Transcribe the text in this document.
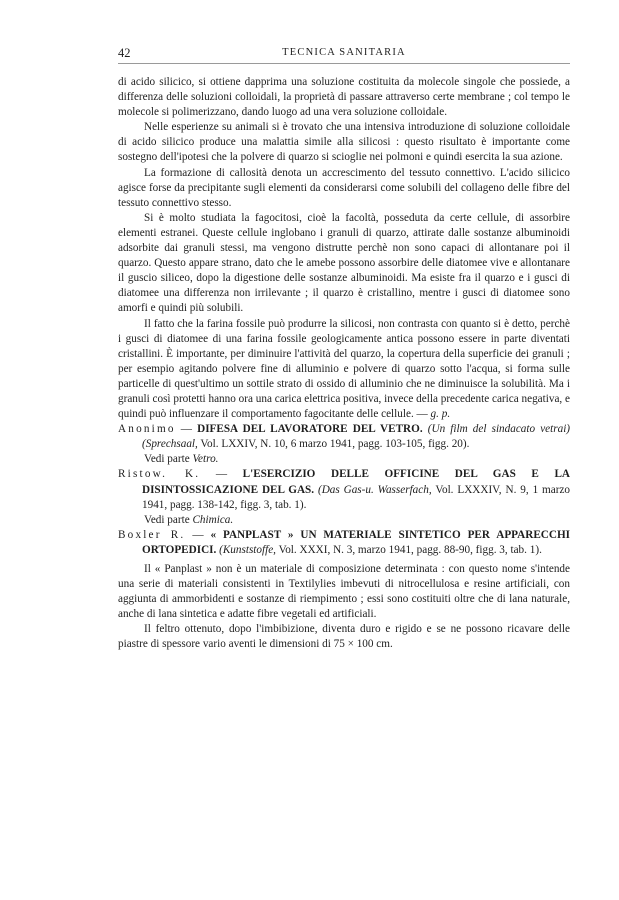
42	TECNICA SANITARIA

di acido silicico, si ottiene dapprima una soluzione costituita da molecole singole che possiede, a differenza delle soluzioni colloidali, la proprietà di passare attraverso certe membrane ; col tempo le molecole si polimerizzano, dando luogo ad una vera soluzione colloidale.

Nelle esperienze su animali si è trovato che una intensiva introduzione di soluzione colloidale di acido silicico produce una malattia simile alla silicosi : questo risultato è importante come sostegno dell'ipotesi che la polvere di quarzo si scioglie nei polmoni e quindi esercita la sua azione.

La formazione di callosità denota un accrescimento del tessuto connettivo. L'acido silicico agisce forse da precipitante sugli elementi da considerarsi come solubili del collageno delle fibre del tessuto connettivo stesso.

Si è molto studiata la fagocitosi, cioè la facoltà, posseduta da certe cellule, di assorbire elementi estranei. Queste cellule inglobano i granuli di quarzo, attirate dalle sostanze albuminoidi adsorbite dai granuli stessi, ma vengono distrutte perchè non sono capaci di allontanare poi il quarzo. Questo appare strano, dato che le amebe possono assorbire delle diatomee vive e allontanare il guscio siliceo, dopo la digestione delle sostanze albuminoidi. Ma esiste fra il quarzo e i gusci di diatomee una differenza non irrilevante ; il quarzo è cristallino, mentre i gusci di diatomee sono amorfi e quindi più solubili.

Il fatto che la farina fossile può produrre la silicosi, non contrasta con quanto si è detto, perchè i gusci di diatomee di una farina fossile geologicamente antica possono essere in parte diventati cristallini. È importante, per diminuire l'attività del quarzo, la copertura della superficie dei granuli ; per esempio agitando polvere fine di alluminio e polvere di quarzo sotto l'acqua, si forma sulle particelle di quest'ultimo un sottile strato di ossido di alluminio che ne diminuisce la solubilità. Ma i granuli così protetti hanno ora una carica elettrica positiva, invece della precedente carica negativa, e quindi può influenzare il comportamento fagocitante delle cellule. — g. p.

Anonimo — DIFESA DEL LAVORATORE DEL VETRO. (Un film del sindacato vetrai) (Sprechsaal, Vol. LXXIV, N. 10, 6 marzo 1941, pagg. 103-105, figg. 20).

Vedi parte Vetro.

Ristow. K. — L'ESERCIZIO DELLE OFFICINE DEL GAS E LA DISINTOSSICAZIONE DEL GAS. (Das Gas-u. Wasserfach, Vol. LXXXIV, N. 9, 1 marzo 1941, pagg. 138-142, figg. 3, tab. 1).

Vedi parte Chimica.

Boxler R. — « PANPLAST » UN MATERIALE SINTETICO PER APPARECCHI ORTOPEDICI. (Kunststoffe, Vol. XXXI, N. 3, marzo 1941, pagg. 88-90, figg. 3, tab. 1).

Il « Panplast » non è un materiale di composizione determinata : con questo nome s'intende una serie di materiali consistenti in Textilylies imbevuti di nitrocellulosa e resine artificiali, con aggiunta di ammorbidenti e sostanze di riempimento ; essi sono costituiti oltre che di lana naturale, anche di lana sintetica e adatte fibre vegetali ed artificiali.

Il feltro ottenuto, dopo l'imbibizione, diventa duro e rigido e se ne possono ricavare delle piastre di spessore vario aventi le dimensioni di 75 × 100 cm.
